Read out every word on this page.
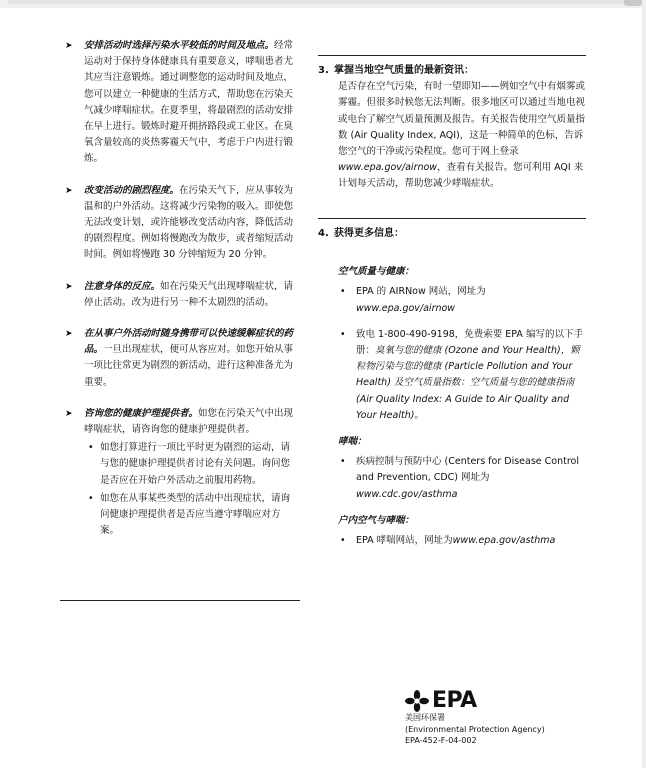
➤ 安排活动时选择污染水平较低的时间及地点。经常运动对于保持身体健康具有重要意义，哮喘患者尤其应当注意锻炼。通过调整您的运动时间及地点，您可以建立一种健康的生活方式，帮助您在污染天气减少哮喘症状。在夏季里，将最剧烈的活动安排在早上进行。锻炼时避开拥挤路段或工业区。在臭氧含量较高的炎热雾霾天气中，考虑于户内进行锻炼。
➤ 改变活动的剧烈程度。在污染天气下，应从事较为温和的户外活动。这将减少污染物的吸入。即使您无法改变计划，或许能够改变活动内容，降低活动的剧烈程度。例如将慢跑改为散步，或者缩短活动时间。例如将慢跑 30 分钟缩短为 20 分钟。
➤ 注意身体的反应。如在污染天气出现哮喘症状，请停止活动。改为进行另一种不太剧烈的活动。
➤ 在从事户外活动时随身携带可以快速缓解症状的药品。一旦出现症状，便可从容应对。如您开始从事一项比往常更为剧烈的新活动，进行这种准备尤为重要。
➤ 咨询您的健康护理提供者。如您在污染天气中出现哮喘症状，请咨询您的健康护理提供者。
• 如您打算进行一项比平时更为剧烈的运动，请与您的健康护理提供者讨论有关问题。询问您是否应在开始户外活动之前服用药物。
• 如您在从事某些类型的活动中出现症状，请询问健康护理提供者是否应当遵守哮喘应对方案。
3. 掌握当地空气质量的最新资讯：
是否存在空气污染，有时一望即知——例如空气中有烟雾或雾霾。但很多时候您无法判断。很多地区可以通过当地电视或电台了解空气质量预测及报告。有关报告使用空气质量指数 (Air Quality Index, AQI)，这是一种简单的色标，告诉您空气的干净或污染程度。您可于网上登录www.epa.gov/airnow，查看有关报告。您可利用 AQI 来计划每天活动，帮助您减少哮喘症状。
4. 获得更多信息：
空气质量与健康：
• EPA 的 AIRNow 网站，网址为
www.epa.gov/airnow
• 致电 1-800-490-9198，免费索要 EPA 编写的以下手册：臭氧与您的健康 (Ozone and Your Health)，颗粒物污染与您的健康 (Particle Pollution and Your Health) 及空气质量指数：空气质量与您的健康指南 (Air Quality Index: A Guide to Air Quality and Your Health)。
哮喘：
• 疾病控制与预防中心 (Centers for Disease Control and Prevention, CDC) 网址为
www.cdc.gov/asthma
户内空气与哮喘：
• EPA 哮喘网站，网址为www.epa.gov/asthma
EPA
美国环保署
(Environmental Protection Agency)
EPA-452-F-04-002
